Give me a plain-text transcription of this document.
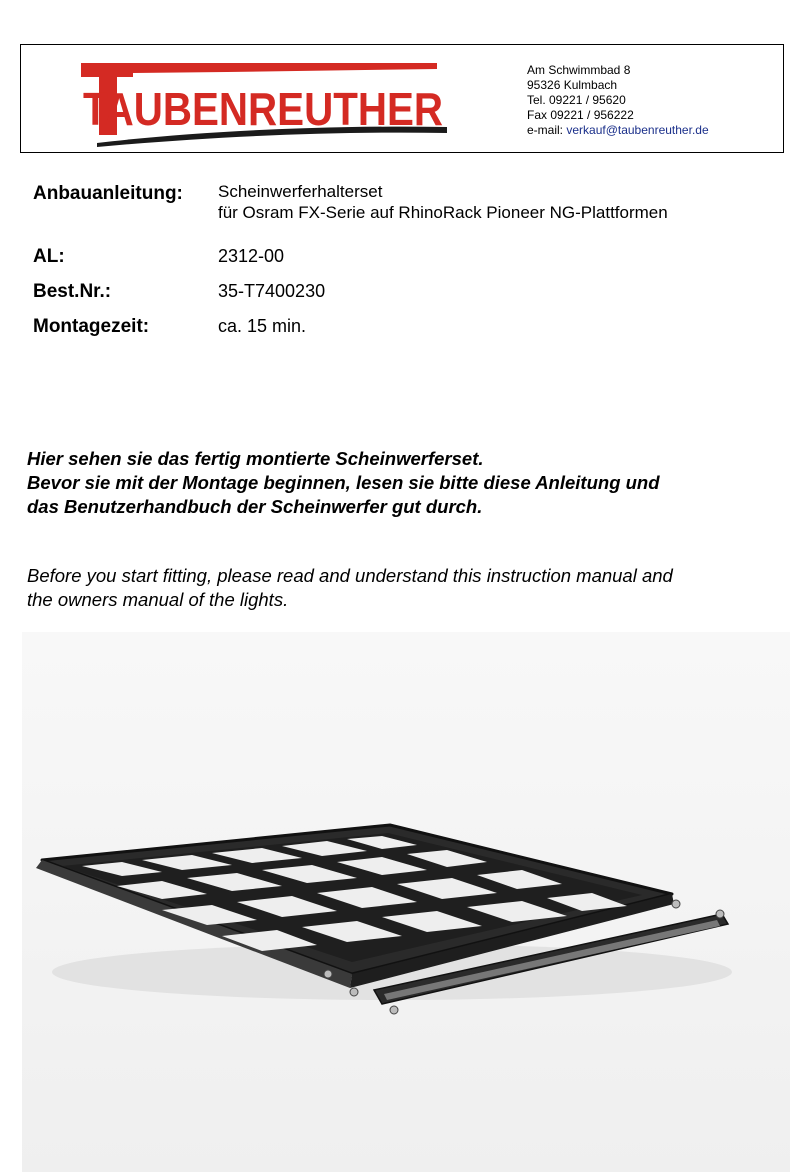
TAUBENREUTHER
Am Schwimmbad 8
95326 Kulmbach
Tel. 09221 / 95620
Fax 09221 / 956222
e-mail: verkauf@taubenreuther.de
Anbauanleitung:	Scheinwerferhalterset
für Osram FX-Serie auf RhinoRack Pioneer NG-Plattformen
AL:	2312-00
Best.Nr.:	35-T7400230
Montagezeit:	ca. 15 min.

Hier sehen sie das fertig montierte Scheinwerferset.
Bevor sie mit der Montage beginnen, lesen sie bitte diese Anleitung und
das Benutzerhandbuch der Scheinwerfer gut durch.

Before you start fitting, please read and understand this instruction manual and
the owners manual of the lights.
